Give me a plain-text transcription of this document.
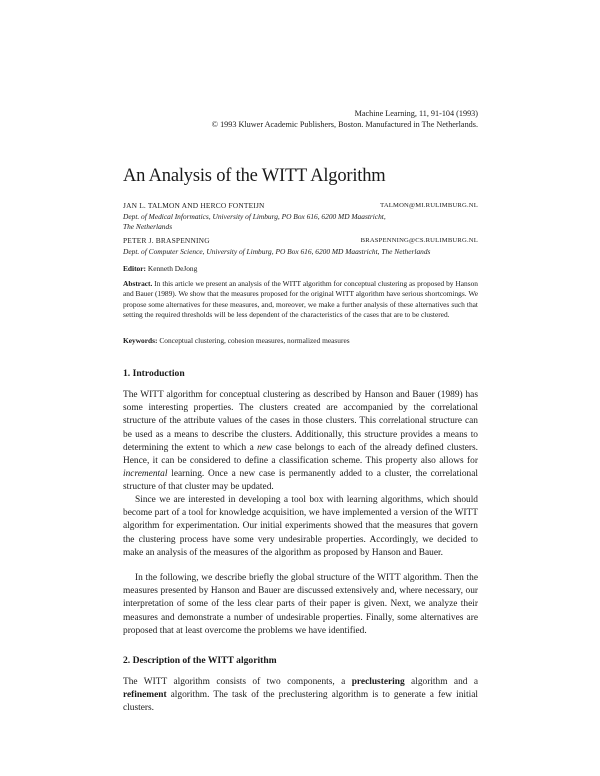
Machine Learning, 11, 91-104 (1993)
© 1993 Kluwer Academic Publishers, Boston. Manufactured in The Netherlands.
An Analysis of the WITT Algorithm
JAN L. TALMON AND HERCO FONTEIJN	TALMON@MI.RULIMBURG.NL
Dept. of Medical Informatics, University of Limburg, PO Box 616, 6200 MD Maastricht,
The Netherlands
PETER J. BRASPENNING	BRASPENNING@CS.RULIMBURG.NL
Dept. of Computer Science, University of Limburg, PO Box 616, 6200 MD Maastricht, The Netherlands
Editor: Kenneth DeJong
Abstract. In this article we present an analysis of the WITT algorithm for conceptual clustering as proposed by Hanson and Bauer (1989). We show that the measures proposed for the original WITT algorithm have serious shortcomings. We propose some alternatives for these measures, and, moreover, we make a further analysis of these alternatives such that setting the required thresholds will be less dependent of the characteristics of the cases that are to be clustered.
Keywords: Conceptual clustering, cohesion measures, normalized measures
1. Introduction
The WITT algorithm for conceptual clustering as described by Hanson and Bauer (1989) has some interesting properties. The clusters created are accompanied by the correlational structure of the attribute values of the cases in those clusters. This correlational structure can be used as a means to describe the clusters. Additionally, this structure provides a means to determining the extent to which a new case belongs to each of the already defined clusters. Hence, it can be considered to define a classification scheme. This property also allows for incremental learning. Once a new case is permanently added to a cluster, the correlational structure of that cluster may be updated.
Since we are interested in developing a tool box with learning algorithms, which should become part of a tool for knowledge acquisition, we have implemented a version of the WITT algorithm for experimentation. Our initial experiments showed that the measures that govern the clustering process have some very undesirable properties. Accordingly, we decided to make an analysis of the measures of the algorithm as proposed by Hanson and Bauer.
In the following, we describe briefly the global structure of the WITT algorithm. Then the measures presented by Hanson and Bauer are discussed extensively and, where necessary, our interpretation of some of the less clear parts of their paper is given. Next, we analyze their measures and demonstrate a number of undesirable properties. Finally, some alternatives are proposed that at least overcome the problems we have identified.
2. Description of the WITT algorithm
The WITT algorithm consists of two components, a preclustering algorithm and a refinement algorithm. The task of the preclustering algorithm is to generate a few initial clusters.
